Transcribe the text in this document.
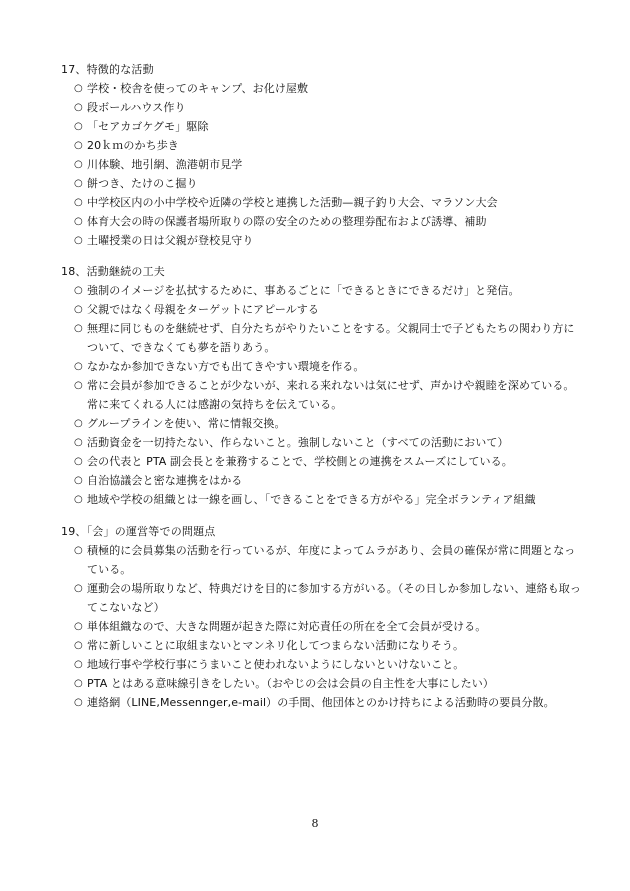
17、特徴的な活動
○ 学校・校舎を使ってのキャンプ、お化け屋敷
○ 段ボールハウス作り
○ 「セアカゴケグモ」駆除
○ 20ｋｍのかち歩き
○ 川体験、地引網、漁港朝市見学
○ 餅つき、たけのこ掘り
○ 中学校区内の小中学校や近隣の学校と連携した活動—親子釣り大会、マラソン大会
○ 体育大会の時の保護者場所取りの際の安全のための整理券配布および誘導、補助
○ 土曜授業の日は父親が登校見守り
18、活動継続の工夫
○ 強制のイメージを払拭するために、事あるごとに「できるときにできるだけ」と発信。
○ 父親ではなく母親をターゲットにアピールする
○ 無理に同じものを継続せず、自分たちがやりたいことをする。父親同士で子どもたちの関わり方について、できなくても夢を語りあう。
○ なかなか参加できない方でも出てきやすい環境を作る。
○ 常に会員が参加できることが少ないが、来れる来れないは気にせず、声かけや親睦を深めている。常に来てくれる人には感謝の気持ちを伝えている。
○ グループラインを使い、常に情報交換。
○ 活動資金を一切持たない、作らないこと。強制しないこと（すべての活動において）
○ 会の代表と PTA 副会長とを兼務することで、学校側との連携をスムーズにしている。
○ 自治協議会と密な連携をはかる
○ 地域や学校の組織とは一線を画し、「できることをできる方がやる」完全ボランティア組織
19、「会」の運営等での問題点
○ 積極的に会員募集の活動を行っているが、年度によってムラがあり、会員の確保が常に問題となっている。
○ 運動会の場所取りなど、特典だけを目的に参加する方がいる。（その日しか参加しない、連絡も取ってこないなど）
○ 単体組織なので、大きな問題が起きた際に対応責任の所在を全て会員が受ける。
○ 常に新しいことに取組まないとマンネリ化してつまらない活動になりそう。
○ 地域行事や学校行事にうまいこと使われないようにしないといけないこと。
○ PTA とはある意味線引きをしたい。（おやじの会は会員の自主性を大事にしたい）
○ 連絡網（LINE,Messennger,e-mail）の手間、他団体とのかけ持ちによる活動時の要員分散。
8
